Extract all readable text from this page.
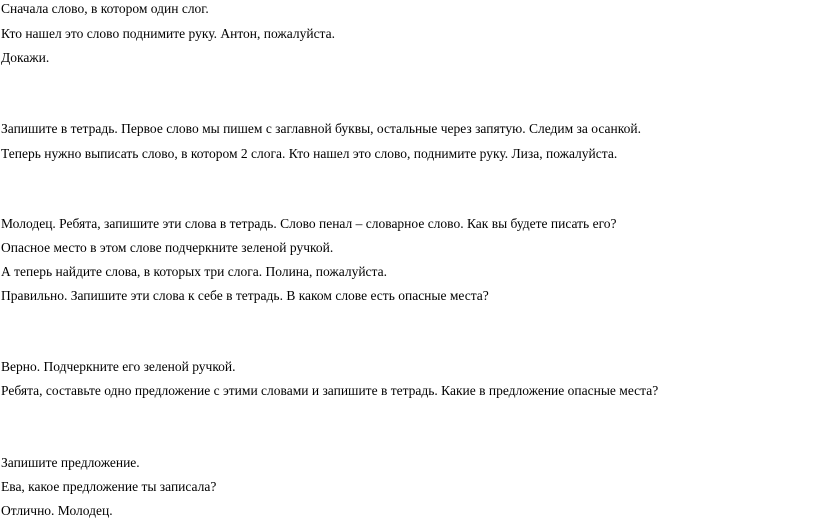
Сначала слово, в котором один слог.
Кто нашел это слово поднимите руку. Антон, пожалуйста.
Докажи.
Запишите в тетрадь. Первое слово мы пишем с заглавной буквы, остальные через запятую. Следим за осанкой.
Теперь нужно выписать слово, в котором 2 слога. Кто нашел это слово, поднимите руку. Лиза, пожалуйста.
Молодец. Ребята, запишите эти слова в тетрадь. Слово пенал – словарное слово. Как вы будете писать его?
Опасное место в этом слове подчеркните зеленой ручкой.
А теперь найдите слова, в которых три слога. Полина, пожалуйста.
Правильно. Запишите эти слова к себе в тетрадь. В каком слове есть опасные места?
Верно. Подчеркните его зеленой ручкой.
Ребята, составьте одно предложение с этими словами и запишите в тетрадь. Какие в предложение опасные места?
Запишите предложение.
Ева, какое предложение ты записала?
Отлично. Молодец.
